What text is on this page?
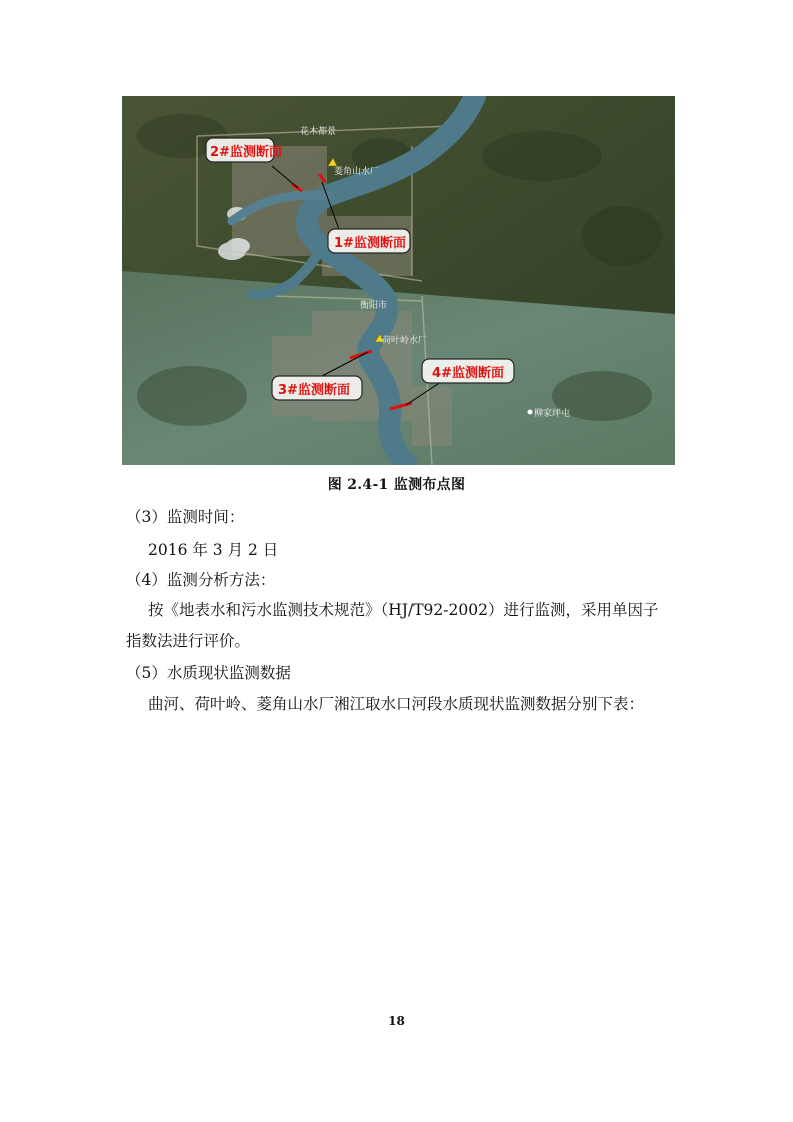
2#监测断面
1#监测断面
3#监测断面
4#监测断面
花木都景
菱角山水厂
衡阳市
荷叶岭水厂
柳家坪屯
图 2.4-1 监测布点图
（3）监测时间：
2016 年 3 月 2 日
（4）监测分析方法：
按《地表水和污水监测技术规范》（HJ/T92-2002）进行监测，采用单因子
指数法进行评价。
（5）水质现状监测数据
曲河、荷叶岭、菱角山水厂湘江取水口河段水质现状监测数据分别下表：
18
